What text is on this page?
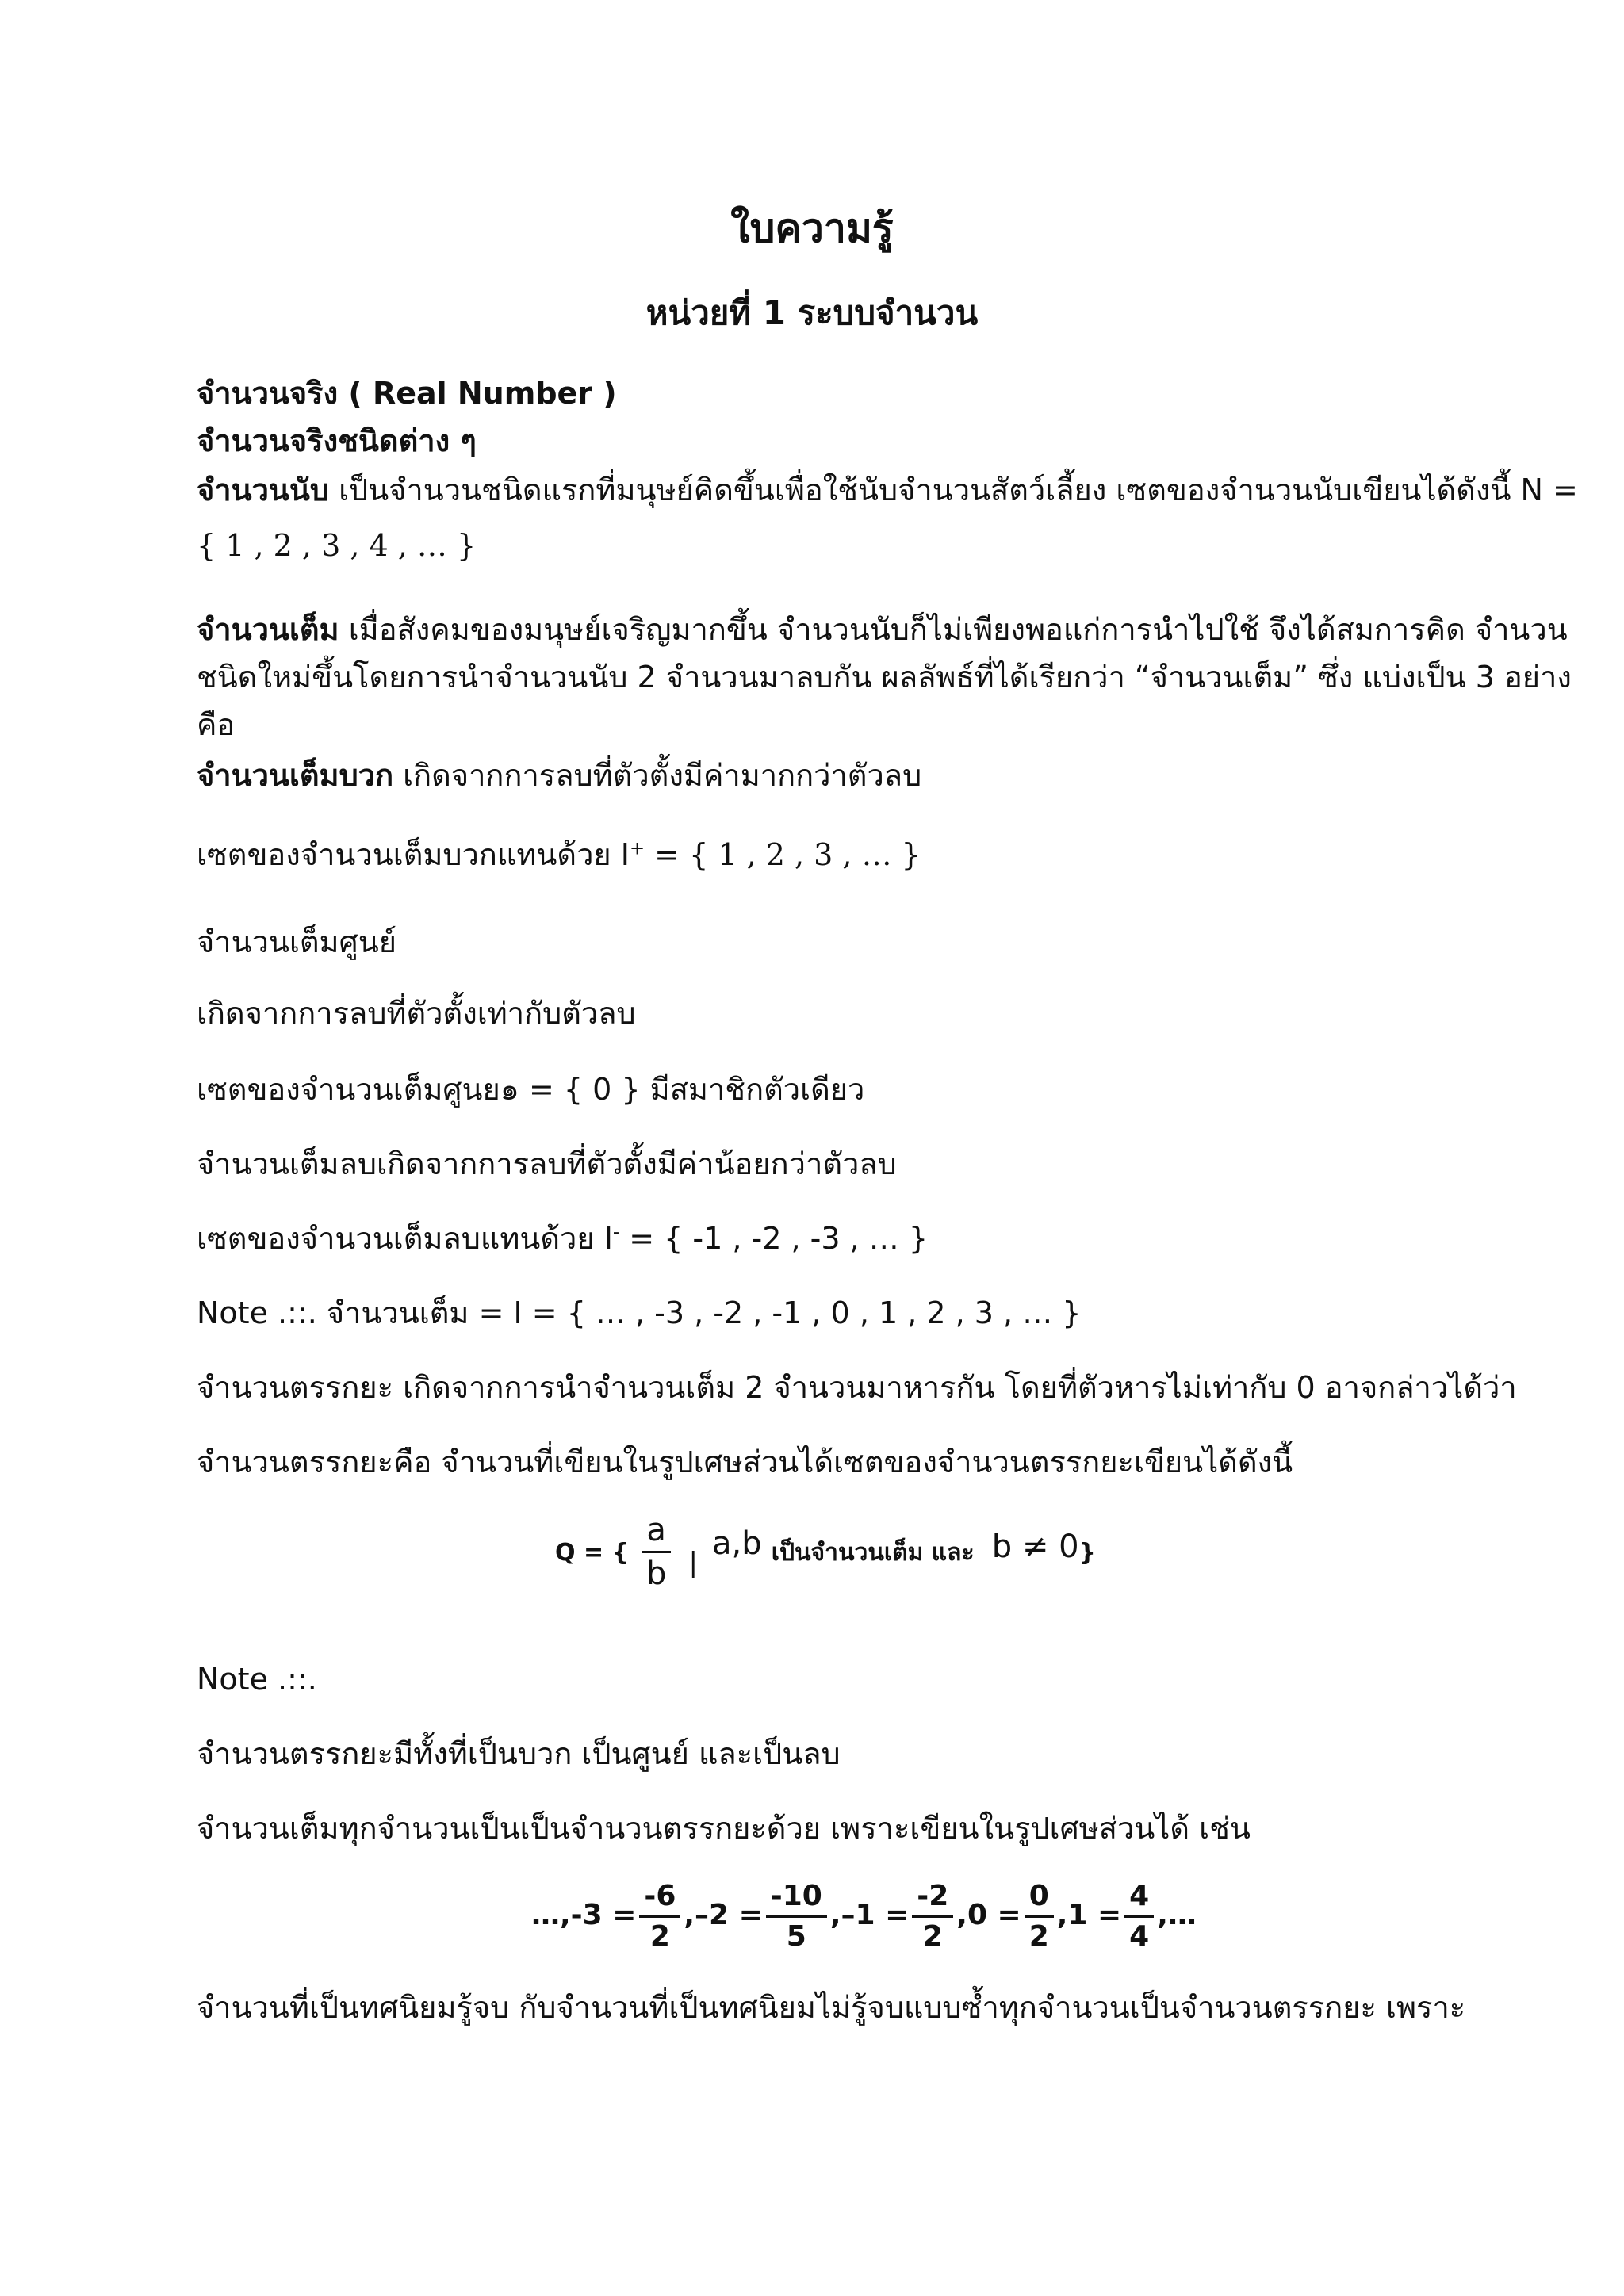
ใบความรู้
หน่วยที่ 1 ระบบจำนวน
จำนวนจริง ( Real Number )
จำนวนจริงชนิดต่าง ๆ
จำนวนนับ เป็นจำนวนชนิดแรกที่มนุษย์คิดขึ้นเพื่อใช้นับจำนวนสัตว์เลี้ยง เซตของจำนวนนับเขียนได้ดังนี้ N =
{ 1 , 2 , 3 , 4 , … }
จำนวนเต็ม เมื่อสังคมของมนุษย์เจริญมากขึ้น จำนวนนับก็ไม่เพียงพอแก่การนำไปใช้ จึงได้สมการคิด จำนวน
ชนิดใหม่ขึ้นโดยการนำจำนวนนับ 2 จำนวนมาลบกัน ผลลัพธ์ที่ได้เรียกว่า “จำนวนเต็ม” ซึ่ง แบ่งเป็น 3 อย่าง
คือ
จำนวนเต็มบวก เกิดจากการลบที่ตัวตั้งมีค่ามากกว่าตัวลบ
เซตของจำนวนเต็มบวกแทนด้วย I+ = { 1 , 2 , 3 , … }
จำนวนเต็มศูนย์
เกิดจากการลบที่ตัวตั้งเท่ากับตัวลบ
เซตของจำนวนเต็มศูนย๑ = { 0 } มีสมาชิกตัวเดียว
จำนวนเต็มลบเกิดจากการลบที่ตัวตั้งมีค่าน้อยกว่าตัวลบ
เซตของจำนวนเต็มลบแทนด้วย I- = { -1 , -2 , -3 , … }
Note .::. จำนวนเต็ม = I = { … , -3 , -2 , -1 , 0 , 1 , 2 , 3 , … }
จำนวนตรรกยะ เกิดจากการนำจำนวนเต็ม 2 จำนวนมาหารกัน โดยที่ตัวหารไม่เท่ากับ 0 อาจกล่าวได้ว่า
จำนวนตรรกยะคือ จำนวนที่เขียนในรูปเศษส่วนได้เซตของจำนวนตรรกยะเขียนได้ดังนี้
Q = { $\frac{a}{b}$ | a,b เป็นจำนวนเต็ม และ b ≠ 0}
Note .::.
จำนวนตรรกยะมีทั้งที่เป็นบวก เป็นศูนย์ และเป็นลบ
จำนวนเต็มทุกจำนวนเป็นเป็นจำนวนตรรกยะด้วย เพราะเขียนในรูปเศษส่วนได้ เช่น
…,-3 = $\frac{-6}{2} ,-2 = \frac{-10}{5} ,-1 = \frac{-2}{2} ,0 = \frac{0}{2} ,1 = \frac{4}{4}$ ,…
จำนวนที่เป็นทศนิยมรู้จบ กับจำนวนที่เป็นทศนิยมไม่รู้จบแบบซ้ำทุกจำนวนเป็นจำนวนตรรกยะ เพราะ
